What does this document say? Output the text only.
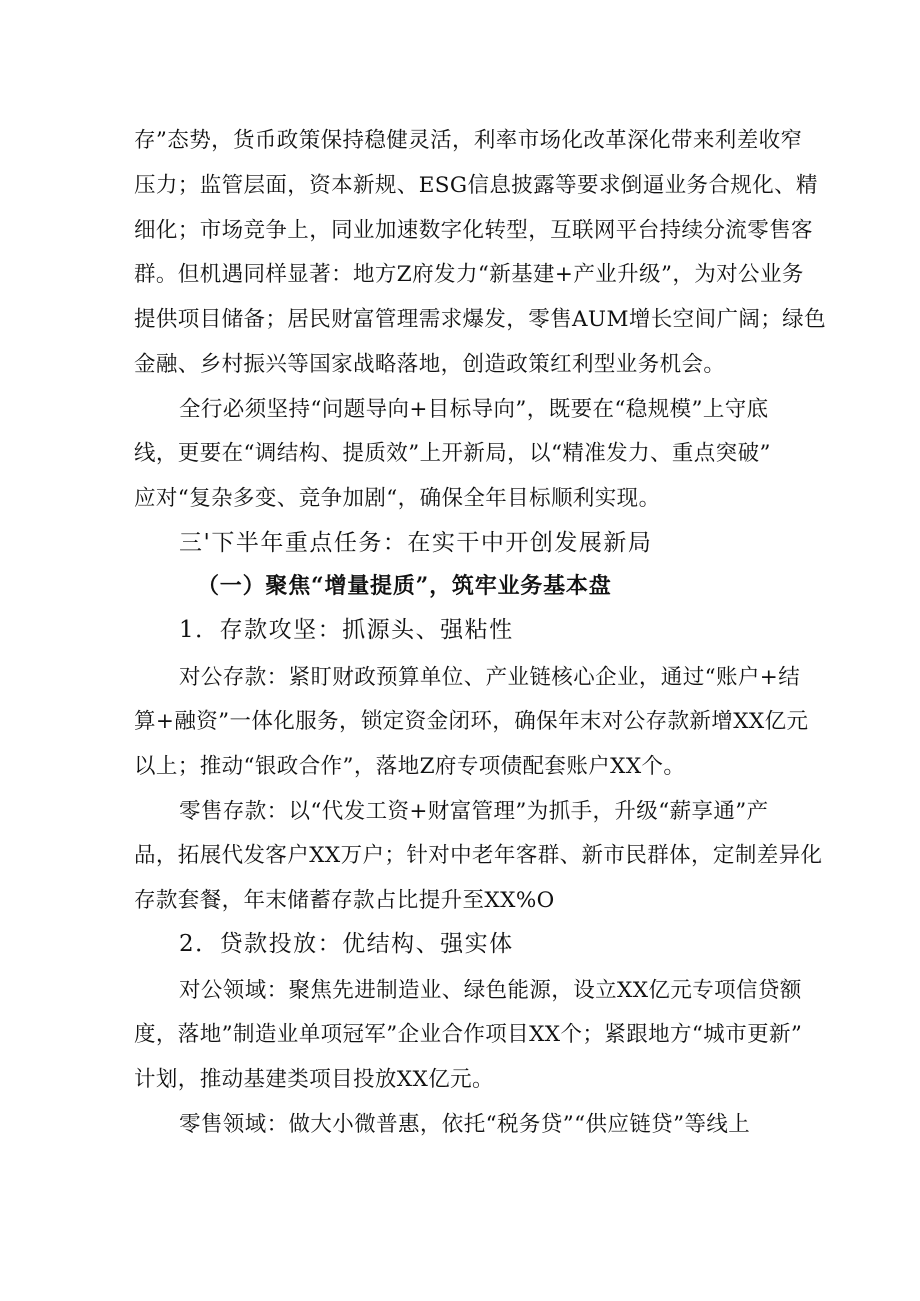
存”态势，货币政策保持稳健灵活，利率市场化改革深化带来利差收窄
压力；监管层面，资本新规、ESG信息披露等要求倒逼业务合规化、精
细化；市场竞争上，同业加速数字化转型，互联网平台持续分流零售客
群。但机遇同样显著：地方Z府发力“新基建+产业升级”，为对公业务
提供项目储备；居民财富管理需求爆发，零售AUM增长空间广阔；绿色
金融、乡村振兴等国家战略落地，创造政策红利型业务机会。
全行必须坚持“问题导向+目标导向”，既要在“稳规模”上守底
线，更要在“调结构、提质效”上开新局，以“精准发力、重点突破”
应对“复杂多变、竞争加剧“，确保全年目标顺利实现。
三'下半年重点任务：在实干中开创发展新局
（一）聚焦“增量提质”，筑牢业务基本盘
1．存款攻坚：抓源头、强粘性
对公存款：紧盯财政预算单位、产业链核心企业，通过“账户+结
算+融资”一体化服务，锁定资金闭环，确保年末对公存款新增XX亿元
以上；推动“银政合作”，落地Z府专项债配套账户XX个。
零售存款：以“代发工资+财富管理”为抓手，升级“薪享通”产
品，拓展代发客户XX万户；针对中老年客群、新市民群体，定制差异化
存款套餐，年末储蓄存款占比提升至XX%O
2．贷款投放：优结构、强实体
对公领域：聚焦先进制造业、绿色能源，设立XX亿元专项信贷额
度，落地”制造业单项冠军”企业合作项目XX个；紧跟地方“城市更新”
计划，推动基建类项目投放XX亿元。
零售领域：做大小微普惠，依托“税务贷”“供应链贷”等线上
